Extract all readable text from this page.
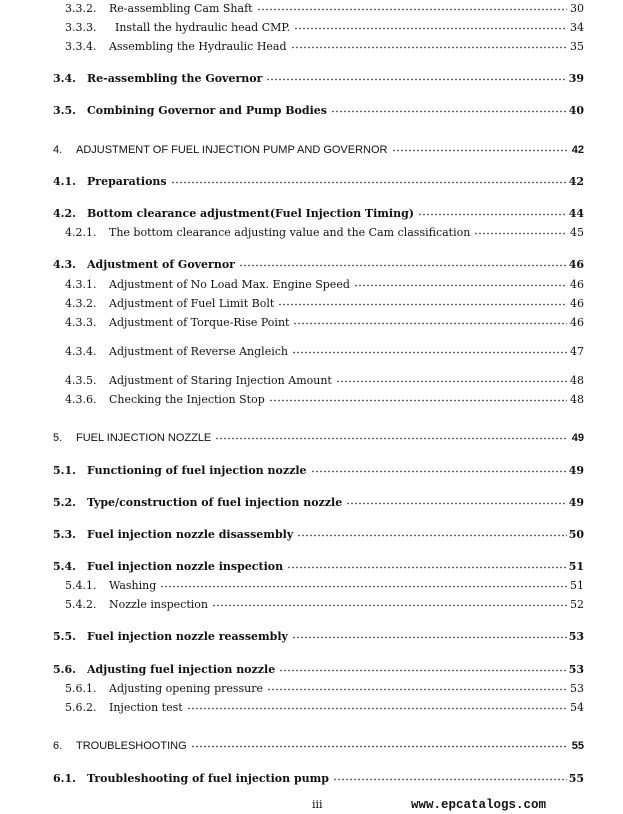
3.3.2. Re-assembling Cam Shaft	30
3.3.3. Install the hydraulic head CMP.	34
3.3.4. Assembling the Hydraulic Head	35
3.4. Re-assembling the Governor	39
3.5. Combining Governor and Pump Bodies	40
4. ADJUSTMENT OF FUEL INJECTION PUMP AND GOVERNOR	42
4.1. Preparations	42
4.2. Bottom clearance adjustment(Fuel Injection Timing)	44
4.2.1. The bottom clearance adjusting value and the Cam classification	45
4.3. Adjustment of Governor	46
4.3.1. Adjustment of No Load Max. Engine Speed	46
4.3.2. Adjustment of Fuel Limit Bolt	46
4.3.3. Adjustment of Torque-Rise Point	46
4.3.4. Adjustment of Reverse Angleich	47
4.3.5. Adjustment of Staring Injection Amount	48
4.3.6. Checking the Injection Stop	48
5. FUEL INJECTION NOZZLE	49
5.1. Functioning of fuel injection nozzle	49
5.2. Type/construction of fuel injection nozzle	49
5.3. Fuel injection nozzle disassembly	50
5.4. Fuel injection nozzle inspection	51
5.4.1. Washing	51
5.4.2. Nozzle inspection	52
5.5. Fuel injection nozzle reassembly	53
5.6. Adjusting fuel injection nozzle	53
5.6.1. Adjusting opening pressure	53
5.6.2. Injection test	54
6. TROUBLESHOOTING	55
6.1. Troubleshooting of fuel injection pump	55
iii	www.epcatalogs.com
